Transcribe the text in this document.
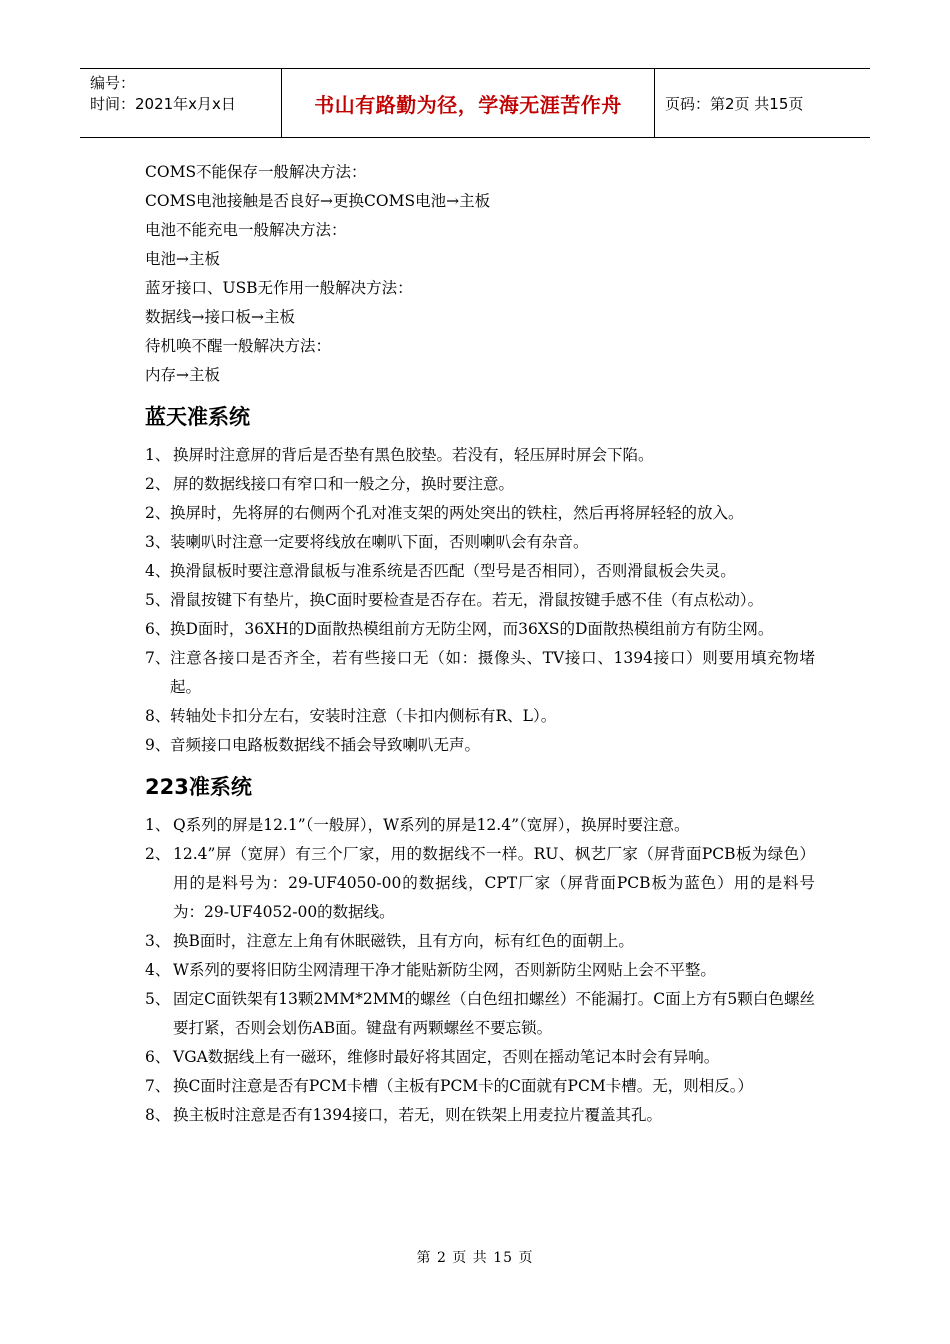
编号：
时间：2021年x月x日	书山有路勤为径，学海无涯苦作舟	页码：第2页 共15页
COMS不能保存一般解决方法：
COMS电池接触是否良好→更换COMS电池→主板
电池不能充电一般解决方法：
电池→主板
蓝牙接口、USB无作用一般解决方法：
数据线→接口板→主板
待机唤不醒一般解决方法：
内存→主板
蓝天准系统
1、 换屏时注意屏的背后是否垫有黑色胶垫。若没有，轻压屏时屏会下陷。
2、 屏的数据线接口有窄口和一般之分，换时要注意。
2、 换屏时，先将屏的右侧两个孔对准支架的两处突出的铁柱，然后再将屏轻轻的放入。
3、 装喇叭时注意一定要将线放在喇叭下面，否则喇叭会有杂音。
4、 换滑鼠板时要注意滑鼠板与准系统是否匹配（型号是否相同），否则滑鼠板会失灵。
5、 滑鼠按键下有垫片，换C面时要检查是否存在。若无，滑鼠按键手感不佳（有点松动）。
6、 换D面时，36XH的D面散热模组前方无防尘网，而36XS的D面散热模组前方有防尘网。
7、 注意各接口是否齐全，若有些接口无（如：摄像头、TV接口、1394接口）则要用填充物堵起。
8、 转轴处卡扣分左右，安装时注意（卡扣内侧标有R、L）。
9、 音频接口电路板数据线不插会导致喇叭无声。
223准系统
1、 Q系列的屏是12.1”（一般屏），W系列的屏是12.4”（宽屏），换屏时要注意。
2、 12.4”屏（宽屏）有三个厂家，用的数据线不一样。RU、枫艺厂家（屏背面PCB板为绿色）用的是料号为：29-UF4050-00的数据线，CPT厂家（屏背面PCB板为蓝色）用的是料号为：29-UF4052-00的数据线。
3、 换B面时，注意左上角有休眠磁铁，且有方向，标有红色的面朝上。
4、 W系列的要将旧防尘网清理干净才能贴新防尘网，否则新防尘网贴上会不平整。
5、 固定C面铁架有13颗2MM*2MM的螺丝（白色纽扣螺丝）不能漏打。C面上方有5颗白色螺丝要打紧，否则会划伤AB面。键盘有两颗螺丝不要忘锁。
6、 VGA数据线上有一磁环，维修时最好将其固定，否则在摇动笔记本时会有异响。
7、 换C面时注意是否有PCM卡槽（主板有PCM卡的C面就有PCM卡槽。无，则相反。）
8、 换主板时注意是否有1394接口，若无，则在铁架上用麦拉片覆盖其孔。
第 2 页 共 15 页
